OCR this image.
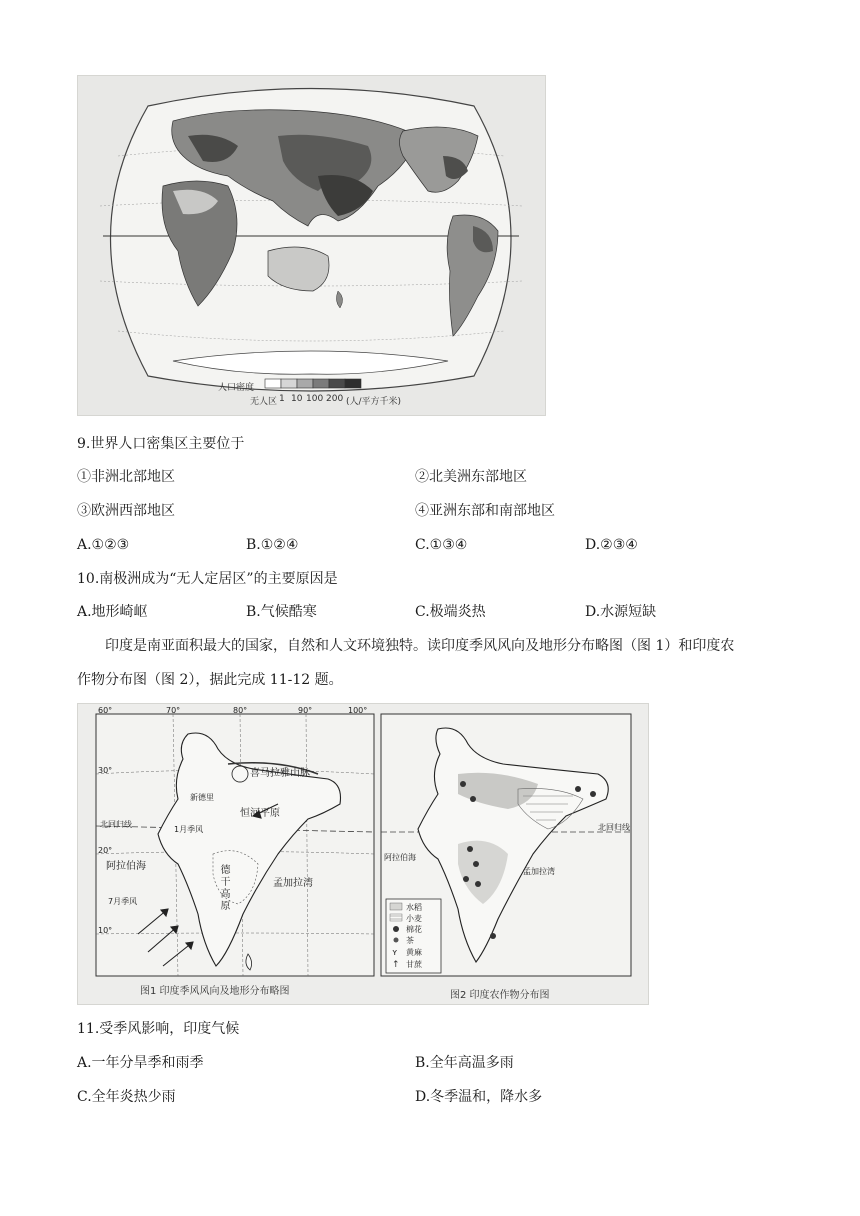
人口密度
无人区 1 10 100 200 (人/平方千米)
9.世界人口密集区主要位于
①非洲北部地区	②北美洲东部地区
③欧洲西部地区	④亚洲东部和南部地区
A.①②③	B.①②④	C.①③④	D.②③④
10.南极洲成为“无人定居区”的主要原因是
A.地形崎岖	B.气候酷寒	C.极端炎热	D.水源短缺
印度是南亚面积最大的国家，自然和人文环境独特。读印度季风风向及地形分布略图（图 1）和印度农
作物分布图（图 2），据此完成 11-12 题。
ʏ
↑
60°	70°	80°	90°	100°
30°
20°
10°
喜马拉雅山脉
新德里
恒河平原
北回归线
1月季风
阿拉伯海	德干高原	孟加拉湾
7月季风
北回归线
阿拉伯海
孟加拉湾
水稻
小麦
棉花
茶
黄麻
甘蔗
图1 印度季风风向及地形分布略图	图2 印度农作物分布图
11.受季风影响，印度气候
A.一年分旱季和雨季	B.全年高温多雨
C.全年炎热少雨	D.冬季温和，降水多
